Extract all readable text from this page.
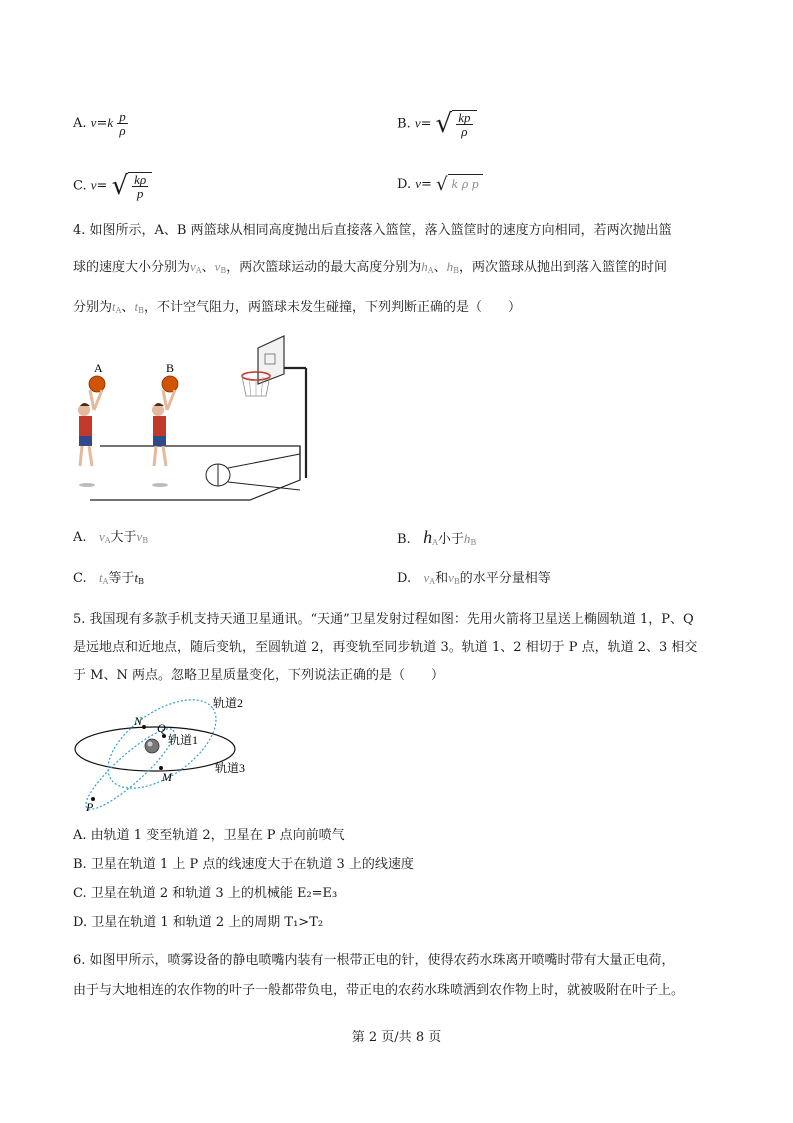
A. $v=k \frac{p}{\rho}$	B. v= √ $\frac{kp}{\rho}$
C. v= √ $\frac{k\rho}{p}$	D. v= √ k ρ p
4. 如图所示，A、B 两篮球从相同高度抛出后直接落入篮筐，落入篮筐时的速度方向相同，若两次抛出篮
球的速度大小分别为$v_A$、$v_B$，两次篮球运动的最大高度分别为$h_A$、$h_B$，两次篮球从抛出到落入篮筐的时间
分别为$t_A$、$t_B$，不计空气阻力，两篮球未发生碰撞，下列判断正确的是（　　）
A	B
A. $v_A$大于$v_B$	B. $h_A$小于$h_B$
C. $t_A$等于$t_B$	D. $v_A$和$v_B$的水平分量相等
5. 我国现有多款手机支持天通卫星通讯。“天通”卫星发射过程如图：先用火箭将卫星送上椭圆轨道 1，P、Q
是远地点和近地点，随后变轨，至圆轨道 2，再变轨至同步轨道 3。轨道 1、2 相切于 P 点，轨道 2、3 相交
于 M、N 两点。忽略卫星质量变化，下列说法正确的是（　　）
N Q
M
P
轨道1
轨道2
轨道3
A. 由轨道 1 变至轨道 2，卫星在 P 点向前喷气
B. 卫星在轨道 1 上 P 点的线速度大于在轨道 3 上的线速度
C. 卫星在轨道 2 和轨道 3 上的机械能 E₂=E₃
D. 卫星在轨道 1 和轨道 2 上的周期 T₁>T₂
6. 如图甲所示，喷雾设备的静电喷嘴内装有一根带正电的针，使得农药水珠离开喷嘴时带有大量正电荷，
由于与大地相连的农作物的叶子一般都带负电，带正电的农药水珠喷洒到农作物上时，就被吸附在叶子上。
第 2 页/共 8 页
